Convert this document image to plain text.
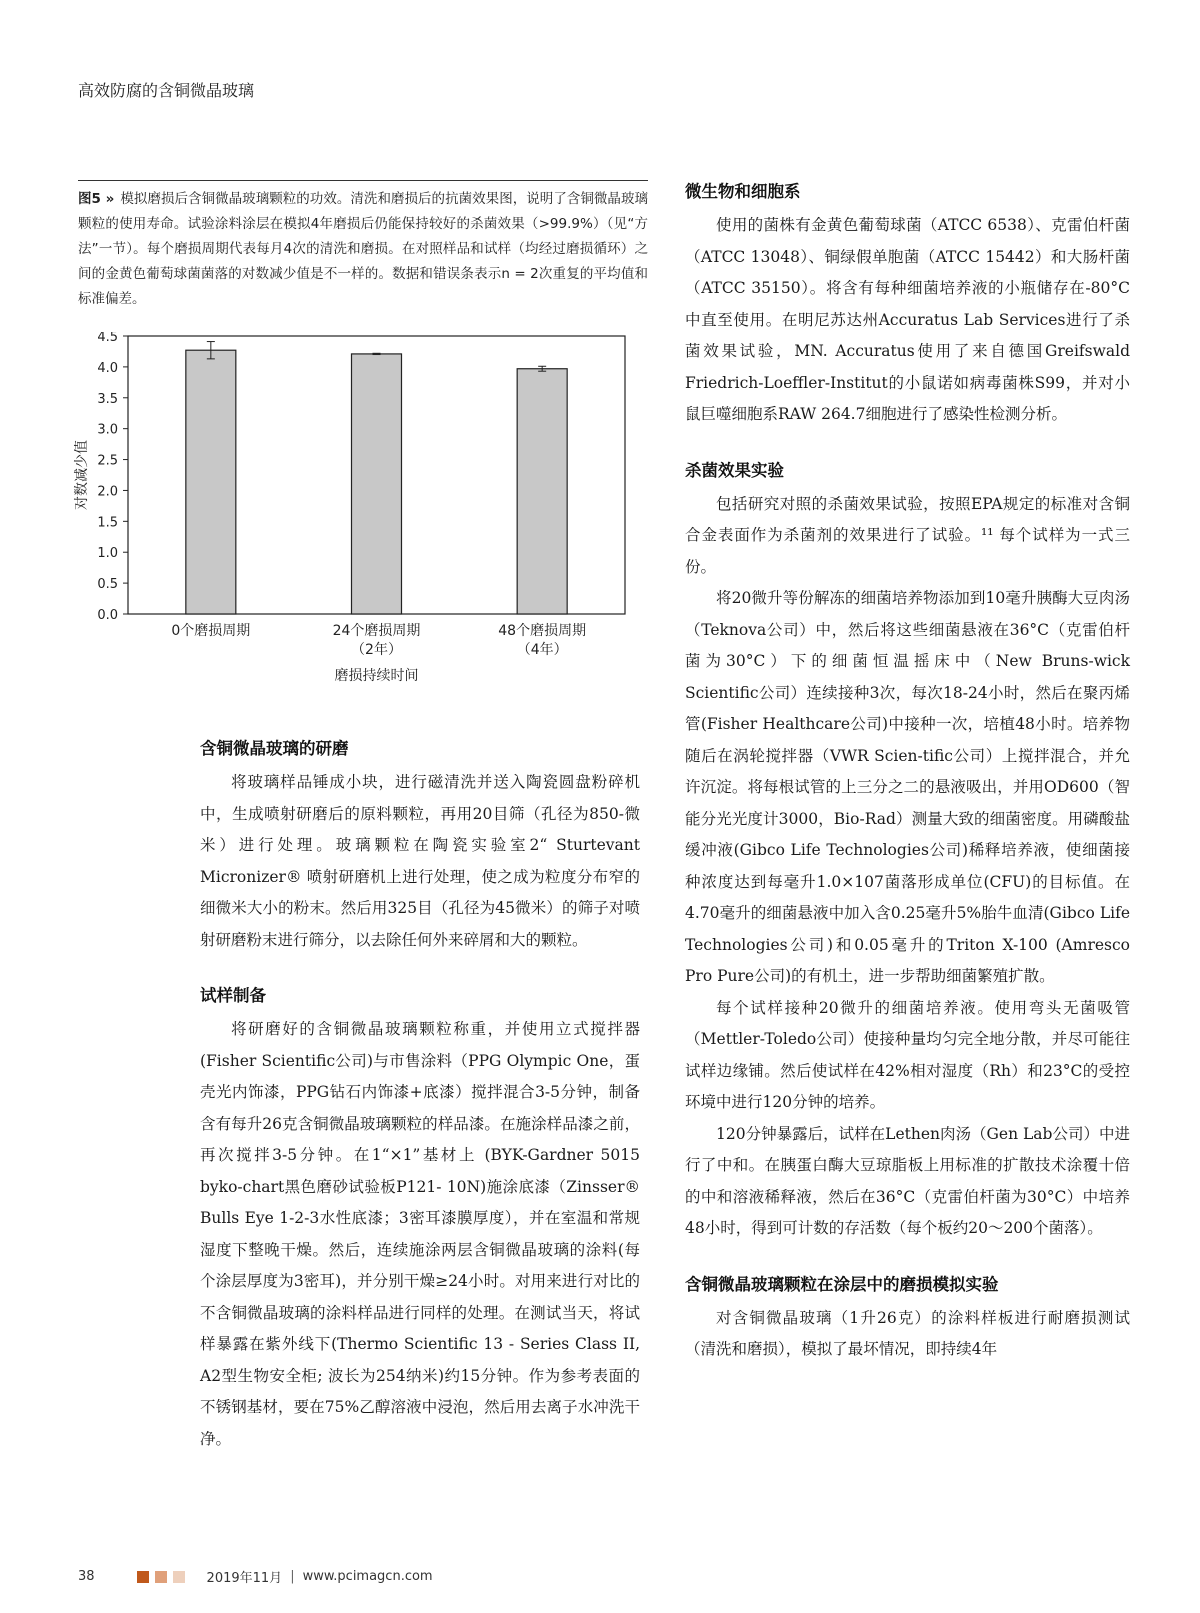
高效防腐的含铜微晶玻璃

图5 » 模拟磨损后含铜微晶玻璃颗粒的功效。清洗和磨损后的抗菌效果图，说明了含铜微晶玻璃颗粒的使用寿命。试验涂料涂层在模拟4年磨损后仍能保持较好的杀菌效果（>99.9%）（见“方法”一节）。每个磨损周期代表每月4次的清洗和磨损。在对照样品和试样（均经过磨损循环）之间的金黄色葡萄球菌菌落的对数减少值是不一样的。数据和错误条表示n = 2次重复的平均值和标准偏差。

0.0
0.5
1.0
1.5
2.0
2.5
3.0
3.5
4.0
4.5
0个磨损周期	24个磨损周期
（2年）
48个磨损周期
（4年）
磨损持续时间
对数减少值
含铜微晶玻璃的研磨

将玻璃样品锤成小块，进行磁清洗并送入陶瓷圆盘粉碎机中，生成喷射研磨后的原料颗粒，再用20目筛（孔径为850-微米）进行处理。玻璃颗粒在陶瓷实验室2“ Sturtevant Micronizer® 喷射研磨机上进行处理，使之成为粒度分布窄的细微米大小的粉末。然后用325目（孔径为45微米）的筛子对喷射研磨粉末进行筛分，以去除任何外来碎屑和大的颗粒。

试样制备

将研磨好的含铜微晶玻璃颗粒称重，并使用立式搅拌器(Fisher Scientific公司)与市售涂料（PPG Olympic One，蛋壳光内饰漆，PPG钻石内饰漆+底漆）搅拌混合3-5分钟，制备含有每升26克含铜微晶玻璃颗粒的样品漆。在施涂样品漆之前，再次搅拌3-5分钟。在1“×1”基材上 (BYK-Gardner 5015 byko-chart黑色磨砂试验板P121- 10N)施涂底漆（Zinsser® Bulls Eye 1-2-3水性底漆；3密耳漆膜厚度），并在室温和常规湿度下整晚干燥。然后，连续施涂两层含铜微晶玻璃的涂料(每个涂层厚度为3密耳)，并分别干燥≥24小时。对用来进行对比的不含铜微晶玻璃的涂料样品进行同样的处理。在测试当天，将试样暴露在紫外线下(Thermo Scientific 13 - Series Class II, A2型生物安全柜; 波长为254纳米)约15分钟。作为参考表面的不锈钢基材，要在75%乙醇溶液中浸泡，然后用去离子水冲洗干净。

微生物和细胞系

使用的菌株有金黄色葡萄球菌（ATCC 6538）、克雷伯杆菌（ATCC 13048）、铜绿假单胞菌（ATCC 15442）和大肠杆菌（ATCC 35150）。将含有每种细菌培养液的小瓶储存在-80°C中直至使用。在明尼苏达州Accuratus Lab Services进行了杀菌效果试验，MN. Accuratus使用了来自德国Greifswald Friedrich-Loeffler-Institut的小鼠诺如病毒菌株S99，并对小鼠巨噬细胞系RAW 264.7细胞进行了感染性检测分析。

杀菌效果实验

包括研究对照的杀菌效果试验，按照EPA规定的标准对含铜合金表面作为杀菌剂的效果进行了试验。¹¹ 每个试样为一式三份。

将20微升等份解冻的细菌培养物添加到10毫升胰酶大豆肉汤（Teknova公司）中，然后将这些细菌悬液在36°C（克雷伯杆菌为30°C）下的细菌恒温摇床中（New Bruns-wick Scientific公司）连续接种3次，每次18-24小时，然后在聚丙烯管(Fisher Healthcare公司)中接种一次，培植48小时。培养物随后在涡轮搅拌器（VWR Scien-tific公司）上搅拌混合，并允许沉淀。将每根试管的上三分之二的悬液吸出，并用OD600（智能分光光度计3000，Bio-Rad）测量大致的细菌密度。用磷酸盐缓冲液(Gibco Life Technologies公司)稀释培养液，使细菌接种浓度达到每毫升1.0×107菌落形成单位(CFU)的目标值。在4.70毫升的细菌悬液中加入含0.25毫升5%胎牛血清(Gibco Life Technologies公司)和0.05毫升的Triton X-100 (Amresco Pro Pure公司)的有机土，进一步帮助细菌繁殖扩散。

每个试样接种20微升的细菌培养液。使用弯头无菌吸管（Mettler-Toledo公司）使接种量均匀完全地分散，并尽可能往试样边缘铺。然后使试样在42%相对湿度（Rh）和23°C的受控环境中进行120分钟的培养。

120分钟暴露后，试样在Lethen肉汤（Gen Lab公司）中进行了中和。在胰蛋白酶大豆琼脂板上用标准的扩散技术涂覆十倍的中和溶液稀释液，然后在36°C（克雷伯杆菌为30°C）中培养48小时，得到可计数的存活数（每个板约20～200个菌落）。

含铜微晶玻璃颗粒在涂层中的磨损模拟实验

对含铜微晶玻璃（1升26克）的涂料样板进行耐磨损测试（清洗和磨损），模拟了最坏情况，即持续4年

38	2019年11月 | www.pcimagcn.com
